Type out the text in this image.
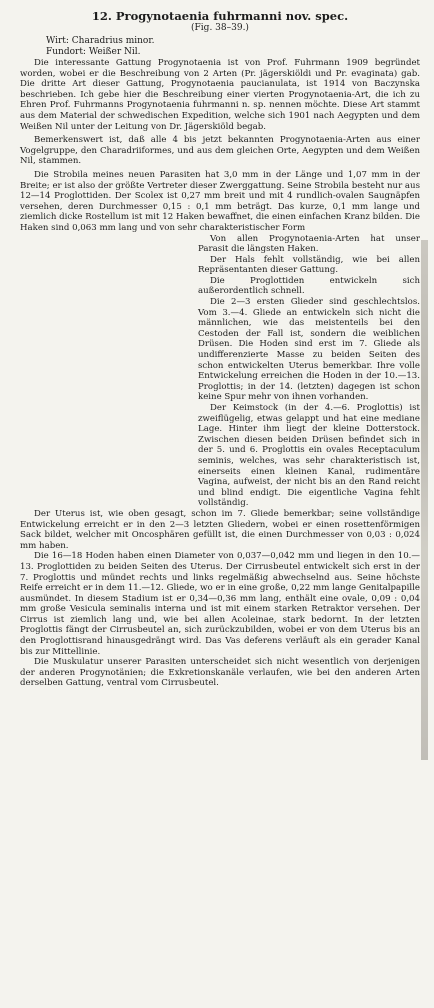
12. Progynotaenia fuhrmanni nov. spec.
(Fig. 38–39.)
Wirt: Charadrius minor.
Fundort: Weißer Nil.

Die interessante Gattung Progynotaenia ist von Prof. Fuhrmann 1909 begründet worden, wobei er die Beschreibung von 2 Arten (Pr. jägerskiöldi und Pr. evaginata) gab. Die dritte Art dieser Gattung, Progynotaenia paucianulata, ist 1914 von Baczynska beschrieben. Ich gebe hier die Beschreibung einer vierten Progynotaenia-Art, die ich zu Ehren Prof. Fuhrmanns Progynotaenia fuhrmanni n. sp. nennen möchte. Diese Art stammt aus dem Material der schwedischen Expedition, welche sich 1901 nach Aegypten und dem Weißen Nil unter der Leitung von Dr. Jägerskiöld begab.

Bemerkenswert ist, daß alle 4 bis jetzt bekannten Progynotaenia-Arten aus einer Vogelgruppe, den Charadriiformes, und aus dem gleichen Orte, Aegypten und dem Weißen Nil, stammen.

Die Strobila meines neuen Parasiten hat 3,0 mm in der Länge und 1,07 mm in der Breite; er ist also der größte Vertreter dieser Zwerggattung. Seine Strobila besteht nur aus 12—14 Proglottiden. Der Scolex ist 0,27 mm breit und mit 4 rundlich-ovalen Saugnäpfen versehen, deren Durchmesser 0,15 : 0,1 mm beträgt. Das kurze, 0,1 mm lange und ziemlich dicke Rostellum ist mit 12 Haken bewaffnet, die einen einfachen Kranz bilden. Die Haken sind 0,063 mm lang und von sehr charakteristischer Form

Von allen Progynotaenia-Arten hat unser Parasit die längsten Haken.

Der Hals fehlt vollständig, wie bei allen Repräsentanten dieser Gattung.

Die Proglottiden entwickeln sich außerordentlich schnell.

Die 2—3 ersten Glieder sind geschlechtslos. Vom 3.—4. Gliede an entwickeln sich nicht die männlichen, wie das meistenteils bei den Cestoden der Fall ist, sondern die weiblichen Drüsen. Die Hoden sind erst im 7. Gliede als undifferenzierte Masse zu beiden Seiten des schon entwickelten Uterus bemerkbar. Ihre volle Entwickelung erreichen die Hoden in der 10.—13. Proglottis; in der 14. (letzten) dagegen ist schon keine Spur mehr von ihnen vorhanden.

Der Keimstock (in der 4.—6. Proglottis) ist zweiflügelig, etwas gelappt und hat eine mediane Lage. Hinter ihm liegt der kleine Dotterstock. Zwischen diesen beiden Drüsen befindet sich in der 5. und 6. Proglottis ein ovales Receptaculum seminis, welches, was sehr charakteristisch ist, einerseits einen kleinen Kanal, rudimentäre Vagina, aufweist, der nicht bis an den Rand reicht und blind endigt. Die eigentliche Vagina fehlt vollständig.

Der Uterus ist, wie oben gesagt, schon im 7. Gliede bemerkbar; seine vollständige Entwickelung erreicht er in den 2—3 letzten Gliedern, wobei er einen rosettenförmigen Sack bildet, welcher mit Oncosphären gefüllt ist, die einen Durchmesser von 0,03 : 0,024 mm haben.

Die 16—18 Hoden haben einen Diameter von 0,037—0,042 mm und liegen in den 10.—13. Proglottiden zu beiden Seiten des Uterus. Der Cirrusbeutel entwickelt sich erst in der 7. Proglottis und mündet rechts und links regelmäßig abwechselnd aus. Seine höchste Reife erreicht er in dem 11.—12. Gliede, wo er in eine große, 0,22 mm lange Genitalpapille ausmündet. In diesem Stadium ist er 0,34—0,36 mm lang, enthält eine ovale, 0,09 : 0,04 mm große Vesicula seminalis interna und ist mit einem starken Retraktor versehen. Der Cirrus ist ziemlich lang und, wie bei allen Acoleinae, stark bedornt. In der letzten Proglottis fängt der Cirrusbeutel an, sich zurückzubilden, wobei er von dem Uterus bis an den Proglottisrand hinausgedrängt wird. Das Vas deferens verläuft als ein gerader Kanal bis zur Mittellinie.

Die Muskulatur unserer Parasiten unterscheidet sich nicht wesentlich von derjenigen der anderen Progynotänien; die Exkretionskanäle verlaufen, wie bei den anderen Arten derselben Gattung, ventral vom Cirrusbeutel.
